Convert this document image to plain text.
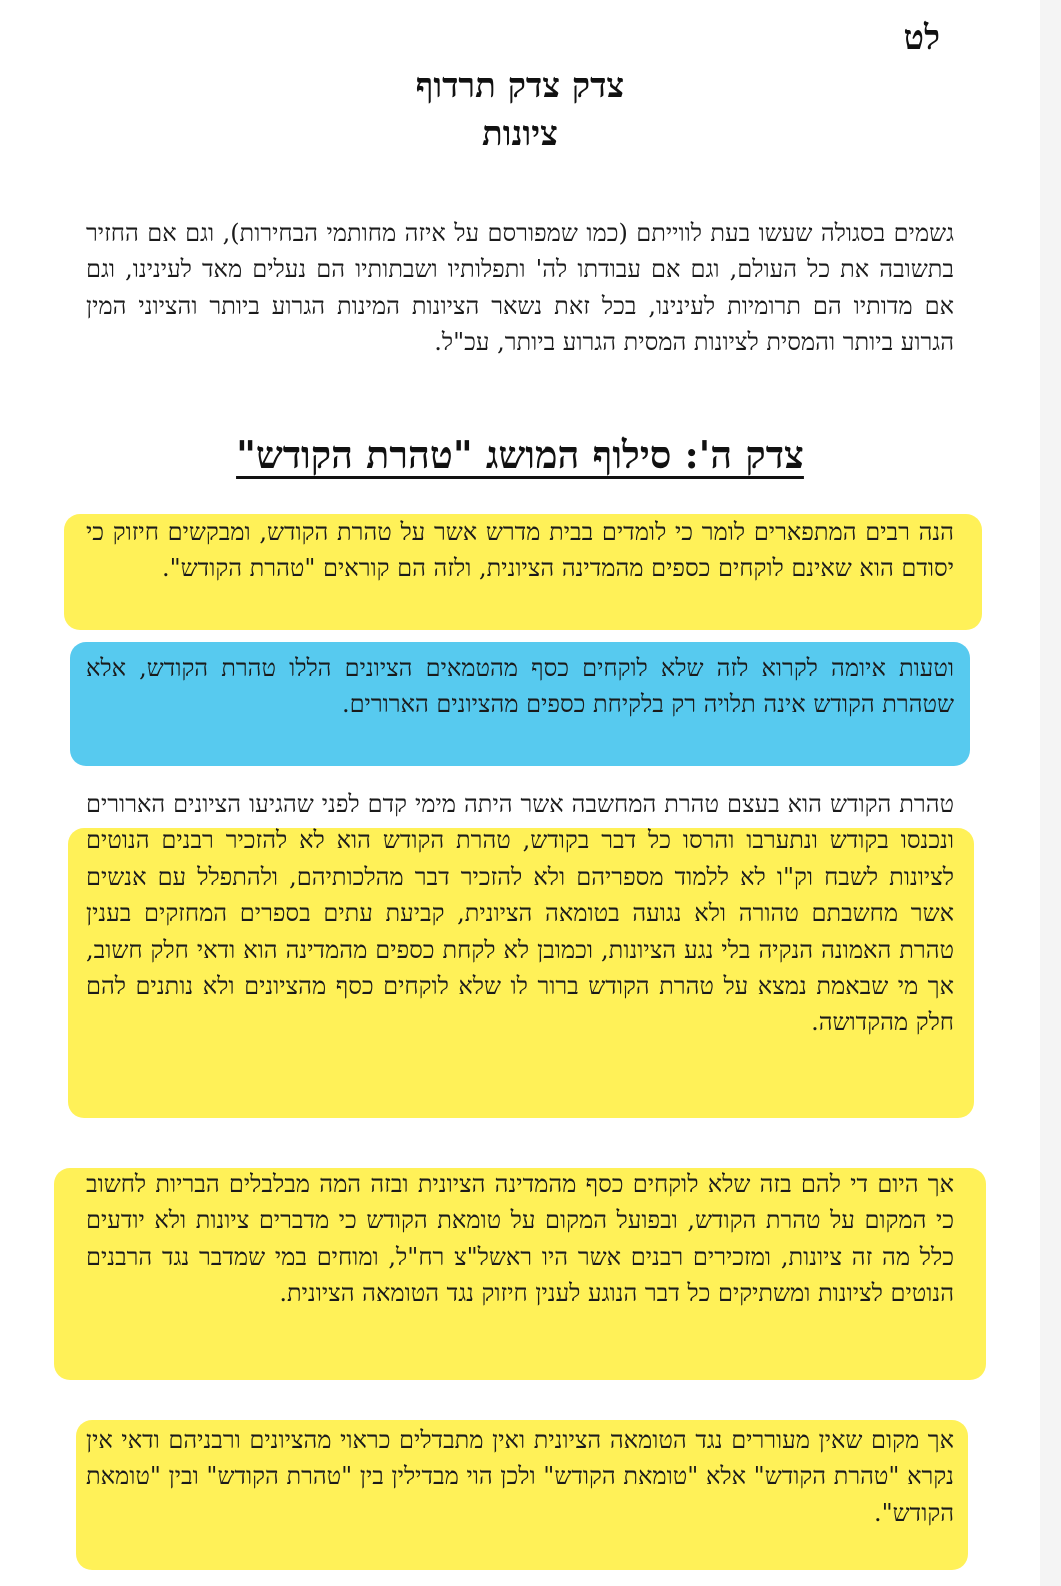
לט
צדק צדק תרדוף
ציונות
גשמים בסגולה שעשו בעת לווייתם (כמו שמפורסם על איזה מחותמי הבחירות), וגם אם החזיר בתשובה את כל העולם, וגם אם עבודתו לה' ותפלותיו ושבתותיו הם נעלים מאד לעינינו, וגם אם מדותיו הם תרומיות לעינינו, בכל זאת נשאר הציונות המינות הגרוע ביותר והציוני המין הגרוע ביותר והמסית לציונות המסית הגרוע ביותר, עכ"ל.
צדק ה': סילוף המושג "טהרת הקודש"
הנה רבים המתפארים לומר כי לומדים בבית מדרש אשר על טהרת הקודש, ומבקשים חיזוק כי יסודם הוא שאינם לוקחים כספים מהמדינה הציונית, ולזה הם קוראים "טהרת הקודש".
וטעות איומה לקרוא לזה שלא לוקחים כסף מהטמאים הציונים הללו טהרת הקודש, אלא שטהרת הקודש אינה תלויה רק בלקיחת כספים מהציונים הארורים.
טהרת הקודש הוא בעצם טהרת המחשבה אשר היתה מימי קדם לפני שהגיעו הציונים הארורים ונכנסו בקודש ונתערבו והרסו כל דבר בקודש, טהרת הקודש הוא לא להזכיר רבנים הנוטים לציונות לשבח וק"ו לא ללמוד מספריהם ולא להזכיר דבר מהלכותיהם, ולהתפלל עם אנשים אשר מחשבתם טהורה ולא נגועה בטומאה הציונית, קביעת עתים בספרים המחזקים בענין טהרת האמונה הנקיה בלי נגע הציונות, וכמובן לא לקחת כספים מהמדינה הוא ודאי חלק חשוב, אך מי שבאמת נמצא על טהרת הקודש ברור לו שלא לוקחים כסף מהציונים ולא נותנים להם חלק מהקדושה.
אך היום די להם בזה שלא לוקחים כסף מהמדינה הציונית ובזה המה מבלבלים הבריות לחשוב כי המקום על טהרת הקודש, ובפועל המקום על טומאת הקודש כי מדברים ציונות ולא יודעים כלל מה זה ציונות, ומזכירים רבנים אשר היו ראשל"צ רח"ל, ומוחים במי שמדבר נגד הרבנים הנוטים לציונות ומשתיקים כל דבר הנוגע לענין חיזוק נגד הטומאה הציונית.
אך מקום שאין מעוררים נגד הטומאה הציונית ואין מתבדלים כראוי מהציונים ורבניהם ודאי אין נקרא "טהרת הקודש" אלא "טומאת הקודש" ולכן הוי מבדילין בין "טהרת הקודש" ובין "טומאת הקודש".
